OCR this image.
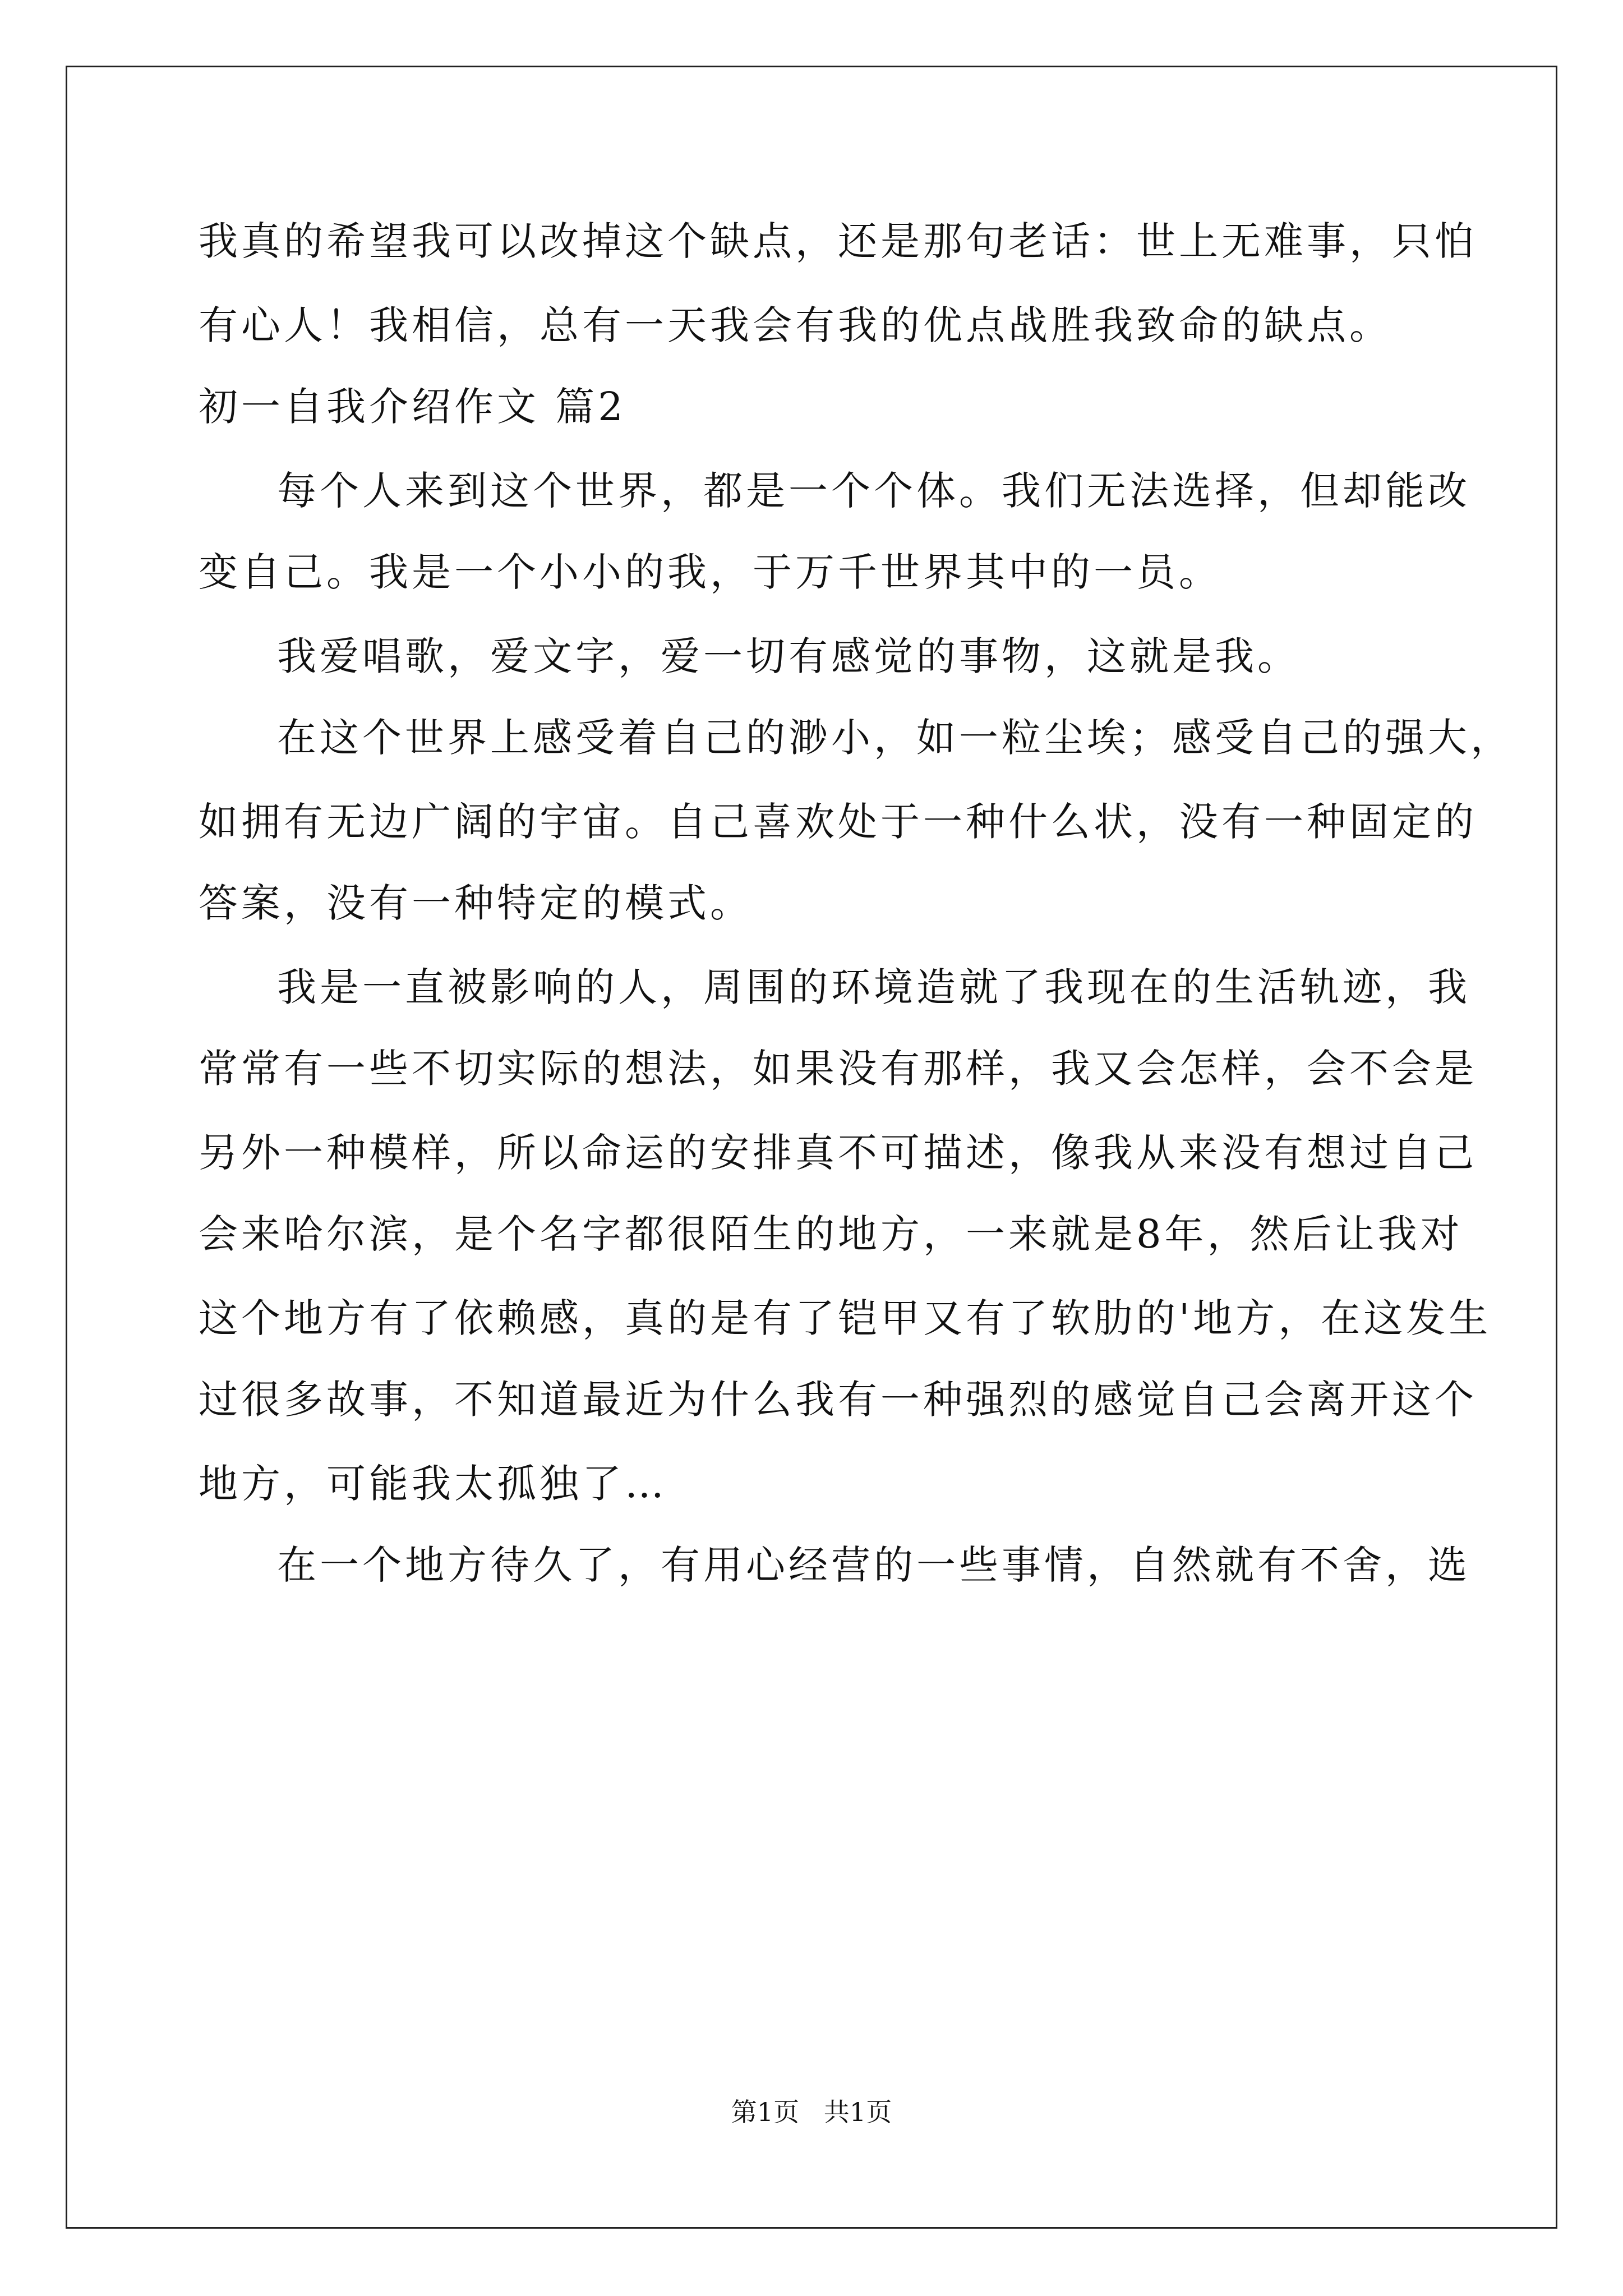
我真的希望我可以改掉这个缺点，还是那句老话：世上无难事，只怕
有心人！我相信，总有一天我会有我的优点战胜我致命的缺点。
初一自我介绍作文 篇2
每个人来到这个世界，都是一个个体。我们无法选择，但却能改
变自己。我是一个小小的我，于万千世界其中的一员。
我爱唱歌，爱文字，爱一切有感觉的事物，这就是我。
在这个世界上感受着自己的渺小，如一粒尘埃；感受自己的强大，
如拥有无边广阔的宇宙。自己喜欢处于一种什么状，没有一种固定的
答案，没有一种特定的模式。
我是一直被影响的人，周围的环境造就了我现在的生活轨迹，我
常常有一些不切实际的想法，如果没有那样，我又会怎样，会不会是
另外一种模样，所以命运的安排真不可描述，像我从来没有想过自己
会来哈尔滨，是个名字都很陌生的地方，一来就是8年，然后让我对
这个地方有了依赖感，真的是有了铠甲又有了软肋的'地方，在这发生
过很多故事，不知道最近为什么我有一种强烈的感觉自己会离开这个
地方，可能我太孤独了…
在一个地方待久了，有用心经营的一些事情，自然就有不舍，选
第1页   共1页
